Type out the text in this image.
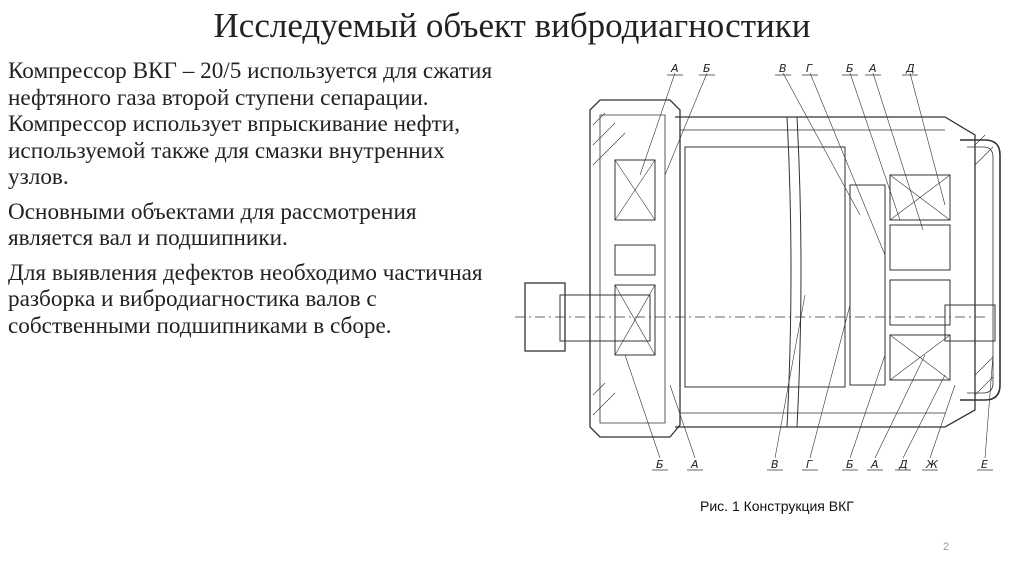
Исследуемый объект вибродиагностики

Компрессор ВКГ – 20/5 используется для сжатия нефтяного газа второй ступени сепарации. Компрессор использует впрыскивание нефти, используемой также для смазки внутренних узлов.

Основными объектами для рассмотрения является вал и подшипники.

Для выявления дефектов необходимо частичная разборка и вибродиагностика валов с собственными подшипниками в сборе.

А Б	В Г	Б А	Д
Б А	В Г	Б А Д Ж	Е
Рис. 1 Конструкция ВКГ
2
